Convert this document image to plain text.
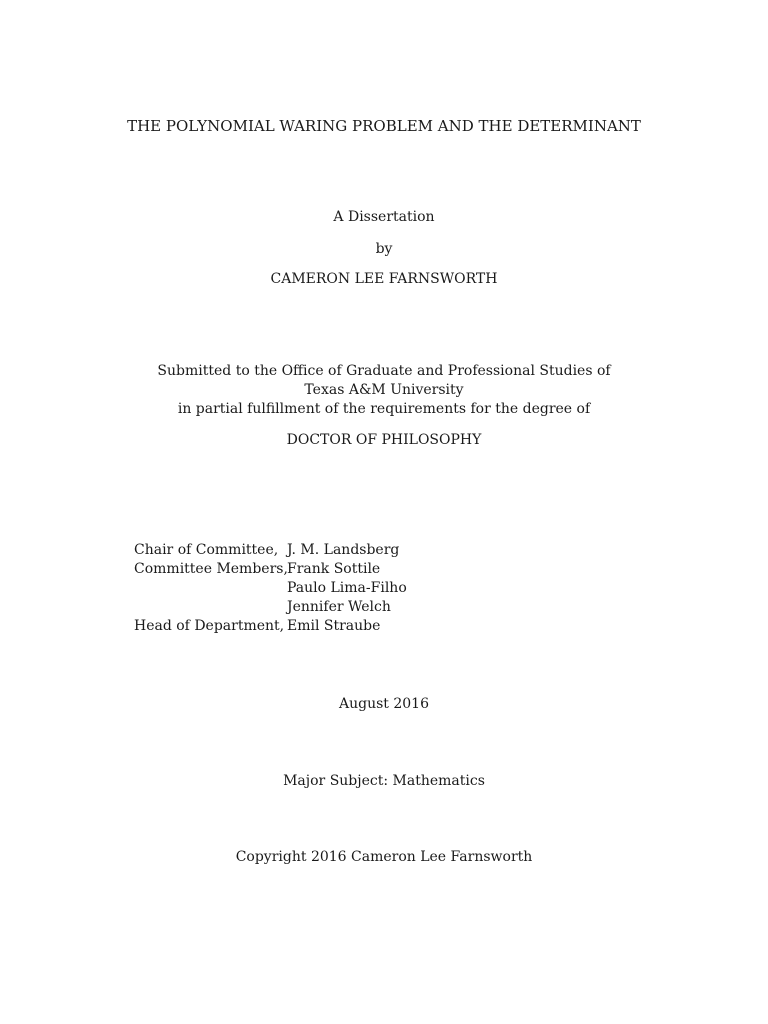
THE POLYNOMIAL WARING PROBLEM AND THE DETERMINANT
A Dissertation
by
CAMERON LEE FARNSWORTH
Submitted to the Office of Graduate and Professional Studies of
Texas A&M University
in partial fulfillment of the requirements for the degree of
DOCTOR OF PHILOSOPHY
Chair of Committee, J. M. Landsberg
Committee Members, Frank Sottile
Paulo Lima-Filho
Jennifer Welch
Head of Department, Emil Straube
August 2016
Major Subject: Mathematics
Copyright 2016 Cameron Lee Farnsworth
